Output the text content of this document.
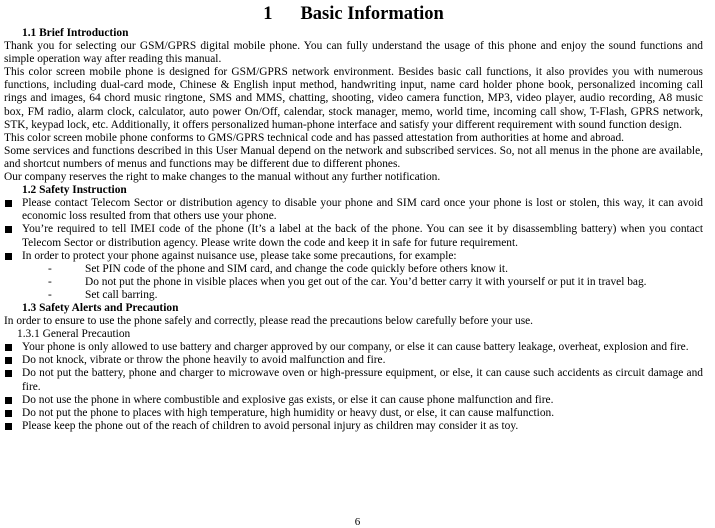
1 Basic Information
1.1 Brief Introduction

Thank you for selecting our GSM/GPRS digital mobile phone. You can fully understand the usage of this phone and enjoy the sound functions and simple operation way after reading this manual.

This color screen mobile phone is designed for GSM/GPRS network environment. Besides basic call functions, it also provides you with numerous functions, including dual-card mode, Chinese & English input method, handwriting input, name card holder phone book, personalized incoming call rings and images, 64 chord music ringtone, SMS and MMS, chatting, shooting, video camera function, MP3, video player, audio recording, A8 music box, FM radio, alarm clock, calculator, auto power On/Off, calendar, stock manager, memo, world time, incoming call show, T-Flash, GPRS network, STK, keypad lock, etc. Additionally, it offers personalized human-phone interface and satisfy your different requirement with sound function design.

This color screen mobile phone conforms to GMS/GPRS technical code and has passed attestation from authorities at home and abroad.

Some services and functions described in this User Manual depend on the network and subscribed services. So, not all menus in the phone are available, and shortcut numbers of menus and functions may be different due to different phones.

Our company reserves the right to make changes to the manual without any further notification.

1.2 Safety Instruction
Please contact Telecom Sector or distribution agency to disable your phone and SIM card once your phone is lost or stolen, this way, it can avoid economic loss resulted from that others use your phone.
You’re required to tell IMEI code of the phone (It’s a label at the back of the phone. You can see it by disassembling battery) when you contact Telecom Sector or distribution agency. Please write down the code and keep it in safe for future requirement.
In order to protect your phone against nuisance use, please take some precautions, for example:
- Set PIN code of the phone and SIM card, and change the code quickly before others know it.
- Do not put the phone in visible places when you get out of the car. You’d better carry it with yourself or put it in travel bag.
- Set call barring.
1.3 Safety Alerts and Precaution

In order to ensure to use the phone safely and correctly, please read the precautions below carefully before your use.

1.3.1 General Precaution
Your phone is only allowed to use battery and charger approved by our company, or else it can cause battery leakage, overheat, explosion and fire.
Do not knock, vibrate or throw the phone heavily to avoid malfunction and fire.
Do not put the battery, phone and charger to microwave oven or high-pressure equipment, or else, it can cause such accidents as circuit damage and fire.
Do not use the phone in where combustible and explosive gas exists, or else it can cause phone malfunction and fire.
Do not put the phone to places with high temperature, high humidity or heavy dust, or else, it can cause malfunction.
Please keep the phone out of the reach of children to avoid personal injury as children may consider it as toy.
6
